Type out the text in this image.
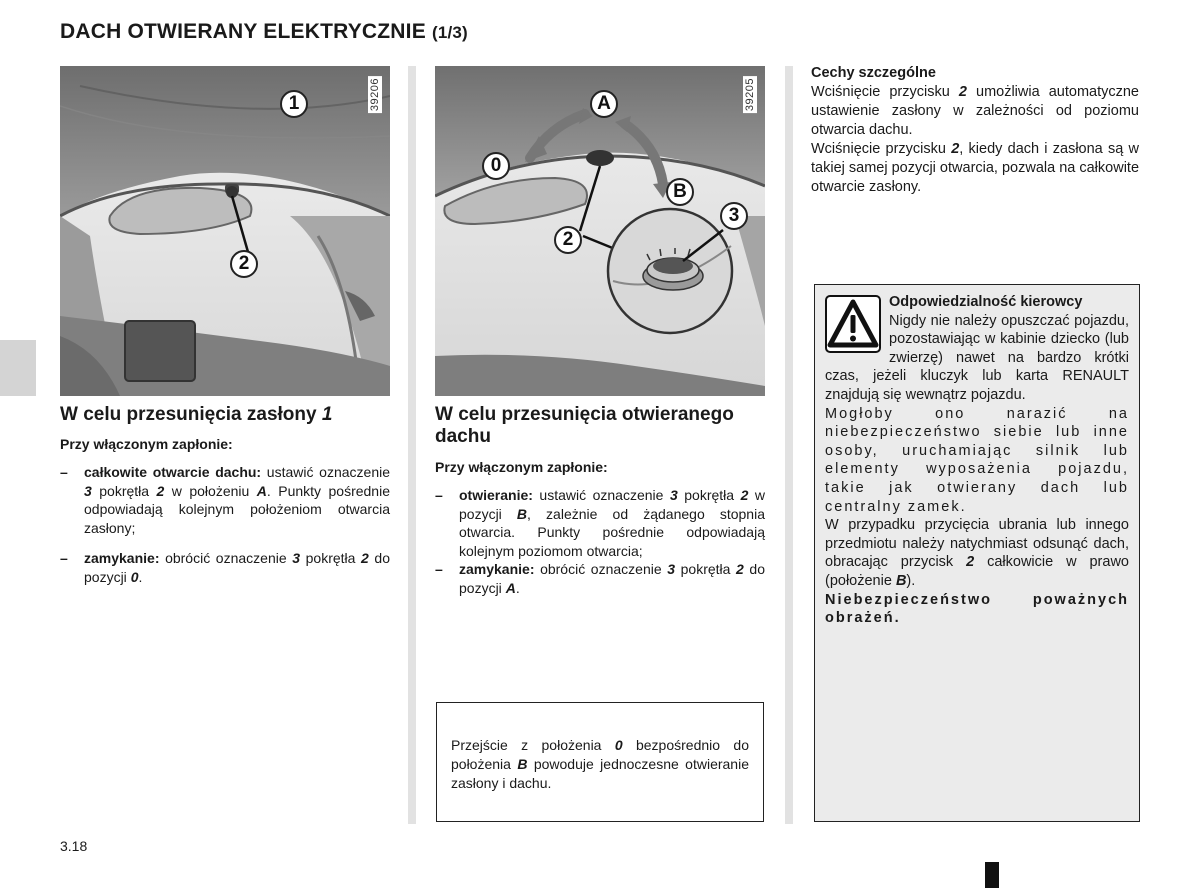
DACH OTWIERANY ELEKTRYCZNIE (1/3)
39206
1
2
39205
A
0
B
3
2
W celu przesunięcia zasłony 1
Przy włączonym zapłonie:
– całkowite otwarcie dachu: ustawić oznaczenie 3 pokrętła 2 w położeniu A. Punkty pośrednie odpowiadają kolejnym położeniom otwarcia zasłony;
– zamykanie: obrócić oznaczenie 3 pokrętła 2 do pozycji 0.
W celu przesunięcia otwieranego dachu
Przy włączonym zapłonie:
– otwieranie: ustawić oznaczenie 3 pokrętła 2 w pozycji B, zależnie od żądanego stopnia otwarcia. Punkty pośrednie odpowiadają kolejnym poziomom otwarcia;
– zamykanie: obrócić oznaczenie 3 pokrętła 2 do pozycji A.
Przejście z położenia 0 bezpośrednio do położenia B powoduje jednoczesne otwieranie zasłony i dachu.
Cechy szczególne
Wciśnięcie przycisku 2 umożliwia automatyczne ustawienie zasłony w zależności od poziomu otwarcia dachu.
Wciśnięcie przycisku 2, kiedy dach i zasłona są w takiej samej pozycji otwarcia, pozwala na całkowite otwarcie zasłony.
Odpowiedzialność kierowcy
Nigdy nie należy opuszczać pojazdu, pozostawiając w kabinie dziecko (lub zwierzę) nawet na bardzo krótki czas, jeżeli kluczyk lub karta RENAULT znajdują się wewnątrz pojazdu.
Mogłoby ono narazić na niebezpieczeństwo siebie lub inne osoby, uruchamiając silnik lub elementy wyposażenia pojazdu, takie jak otwierany dach lub centralny zamek.
W przypadku przycięcia ubrania lub innego przedmiotu należy natychmiast odsunąć dach, obracając przycisk 2 całkowicie w prawo (położenie B).
Niebezpieczeństwo poważnych obrażeń.
3.18
